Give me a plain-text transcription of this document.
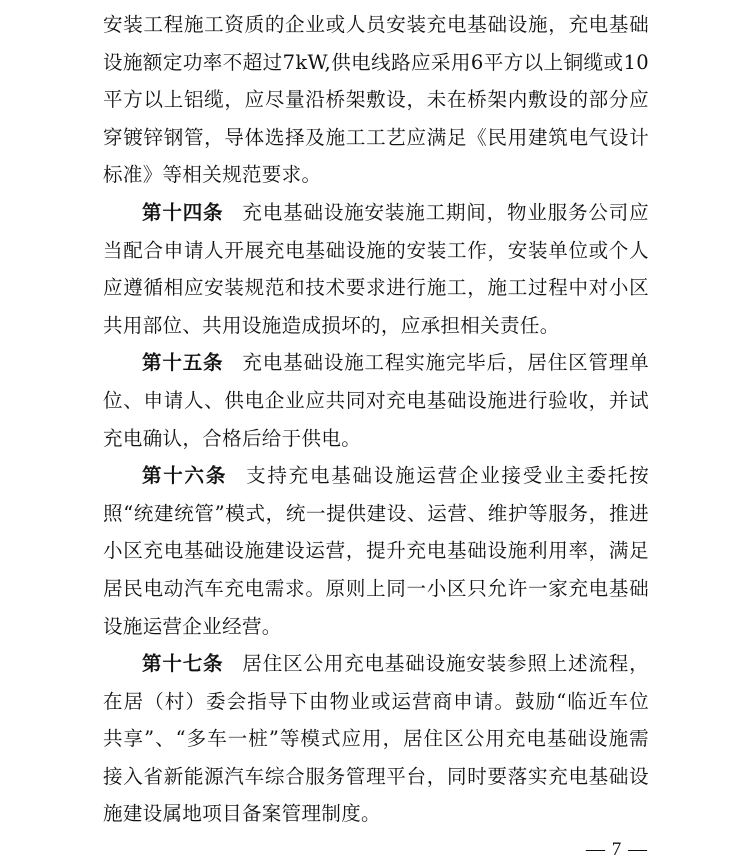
安装工程施工资质的企业或人员安装充电基础设施，充电基础设施额定功率不超过7kW,供电线路应采用6平方以上铜缆或10平方以上铝缆，应尽量沿桥架敷设，未在桥架内敷设的部分应穿镀锌钢管，导体选择及施工工艺应满足《民用建筑电气设计标准》等相关规范要求。

第十四条 充电基础设施安装施工期间，物业服务公司应当配合申请人开展充电基础设施的安装工作，安装单位或个人应遵循相应安装规范和技术要求进行施工，施工过程中对小区共用部位、共用设施造成损坏的，应承担相关责任。

第十五条 充电基础设施工程实施完毕后，居住区管理单位、申请人、供电企业应共同对充电基础设施进行验收，并试充电确认，合格后给于供电。

第十六条 支持充电基础设施运营企业接受业主委托按照“统建统管”模式，统一提供建设、运营、维护等服务，推进小区充电基础设施建设运营，提升充电基础设施利用率，满足居民电动汽车充电需求。原则上同一小区只允许一家充电基础设施运营企业经营。

第十七条 居住区公用充电基础设施安装参照上述流程，在居（村）委会指导下由物业或运营商申请。鼓励“临近车位共享”、“多车一桩”等模式应用，居住区公用充电基础设施需接入省新能源汽车综合服务管理平台，同时要落实充电基础设施建设属地项目备案管理制度。

— 7 —
